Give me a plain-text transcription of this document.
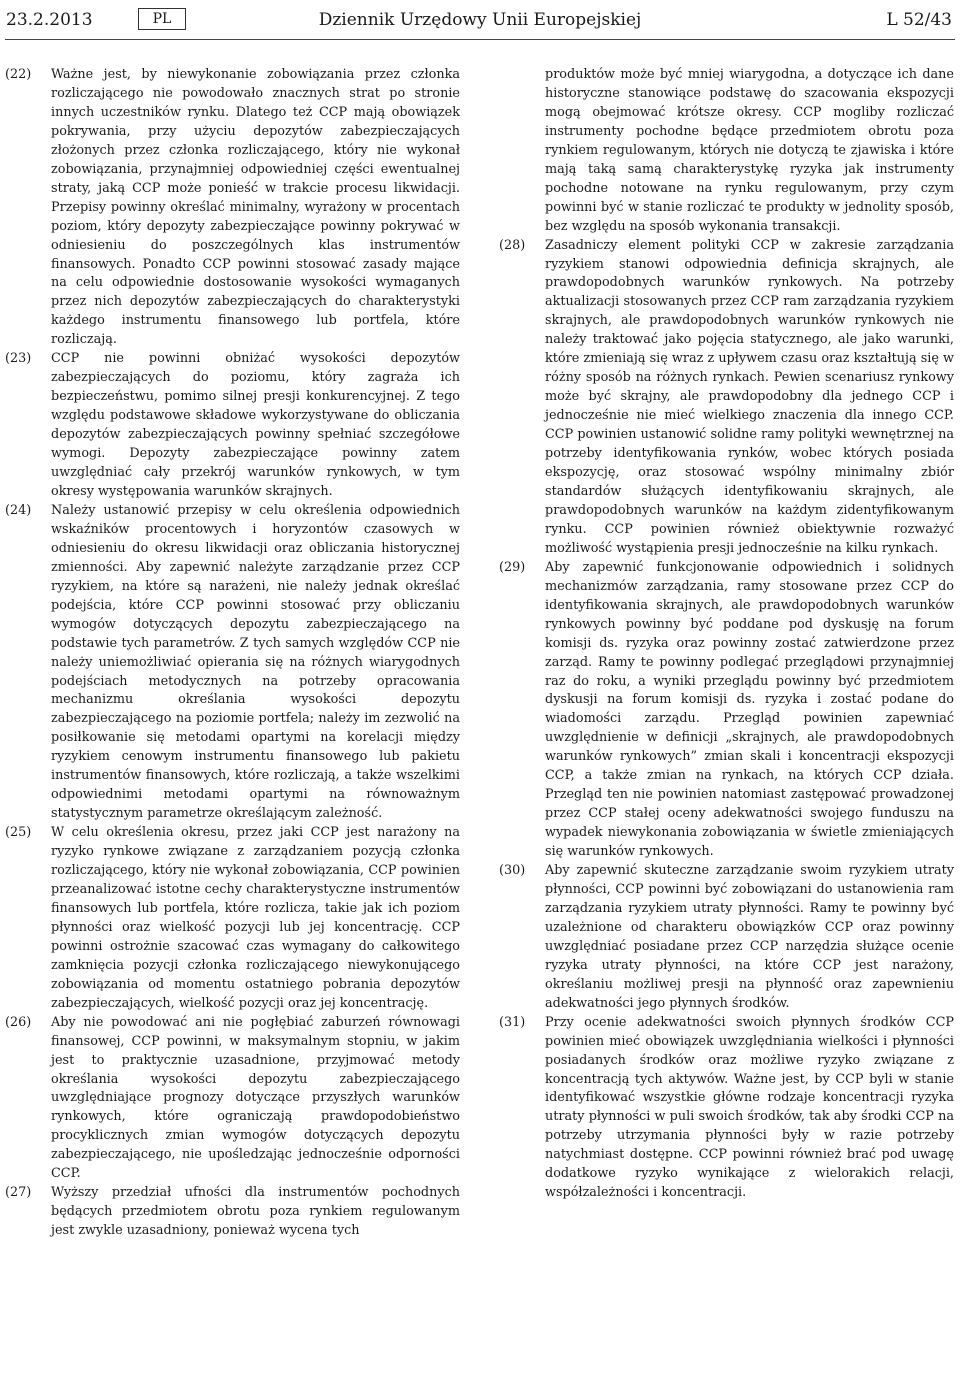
23.2.2013	Dziennik Urzędowy Unii Europejskiej
PL	L 52/43
(22)	Ważne jest, by niewykonanie zobowiązania przez członka rozliczającego nie powodowało znacznych strat po stronie innych uczestników rynku. Dlatego też CCP mają obowiązek pokrywania, przy użyciu depozytów zabezpieczających złożonych przez członka rozliczającego, który nie wykonał zobowiązania, przynajmniej odpowiedniej części ewentualnej straty, jaką CCP może ponieść w trakcie procesu likwidacji. Przepisy powinny określać minimalny, wyrażony w procentach poziom, który depozyty zabezpieczające powinny pokrywać w odniesieniu do poszczególnych klas instrumentów finansowych. Ponadto CCP powinni stosować zasady mające na celu odpowiednie dostosowanie wysokości wymaganych przez nich depozytów zabezpieczających do charakterystyki każdego instrumentu finansowego lub portfela, które rozliczają.
(23)	CCP nie powinni obniżać wysokości depozytów zabezpieczających do poziomu, który zagraża ich bezpieczeństwu, pomimo silnej presji konkurencyjnej. Z tego względu podstawowe składowe wykorzystywane do obliczania depozytów zabezpieczających powinny spełniać szczegółowe wymogi. Depozyty zabezpieczające powinny zatem uwzględniać cały przekrój warunków rynkowych, w tym okresy występowania warunków skrajnych.
(24)	Należy ustanowić przepisy w celu określenia odpowiednich wskaźników procentowych i horyzontów czasowych w odniesieniu do okresu likwidacji oraz obliczania historycznej zmienności. Aby zapewnić należyte zarządzanie przez CCP ryzykiem, na które są narażeni, nie należy jednak określać podejścia, które CCP powinni stosować przy obliczaniu wymogów dotyczących depozytu zabezpieczającego na podstawie tych parametrów. Z tych samych względów CCP nie należy uniemożliwiać opierania się na różnych wiarygodnych podejściach metodycznych na potrzeby opracowania mechanizmu określania wysokości depozytu zabezpieczającego na poziomie portfela; należy im zezwolić na posiłkowanie się metodami opartymi na korelacji między ryzykiem cenowym instrumentu finansowego lub pakietu instrumentów finansowych, które rozliczają, a także wszelkimi odpowiednimi metodami opartymi na równoważnym statystycznym parametrze określającym zależność.
(25)	W celu określenia okresu, przez jaki CCP jest narażony na ryzyko rynkowe związane z zarządzaniem pozycją członka rozliczającego, który nie wykonał zobowiązania, CCP powinien przeanalizować istotne cechy charakterystyczne instrumentów finansowych lub portfela, które rozlicza, takie jak ich poziom płynności oraz wielkość pozycji lub jej koncentrację. CCP powinni ostrożnie szacować czas wymagany do całkowitego zamknięcia pozycji członka rozliczającego niewykonującego zobowiązania od momentu ostatniego pobrania depozytów zabezpieczających, wielkość pozycji oraz jej koncentrację.
(26)	Aby nie powodować ani nie pogłębiać zaburzeń równowagi finansowej, CCP powinni, w maksymalnym stopniu, w jakim jest to praktycznie uzasadnione, przyjmować metody określania wysokości depozytu zabezpieczającego uwzględniające prognozy dotyczące przyszłych warunków rynkowych, które ograniczają prawdopodobieństwo procyklicznych zmian wymogów dotyczących depozytu zabezpieczającego, nie upośledzając jednocześnie odporności CCP.
(27)	Wyższy przedział ufności dla instrumentów pochodnych będących przedmiotem obrotu poza rynkiem regulowanym jest zwykle uzasadniony, ponieważ wycena tych
produktów może być mniej wiarygodna, a dotyczące ich dane historyczne stanowiące podstawę do szacowania ekspozycji mogą obejmować krótsze okresy. CCP mogliby rozliczać instrumenty pochodne będące przedmiotem obrotu poza rynkiem regulowanym, których nie dotyczą te zjawiska i które mają taką samą charakterystykę ryzyka jak instrumenty pochodne notowane na rynku regulowanym, przy czym powinni być w stanie rozliczać te produkty w jednolity sposób, bez względu na sposób wykonania transakcji.
(28)	Zasadniczy element polityki CCP w zakresie zarządzania ryzykiem stanowi odpowiednia definicja skrajnych, ale prawdopodobnych warunków rynkowych. Na potrzeby aktualizacji stosowanych przez CCP ram zarządzania ryzykiem skrajnych, ale prawdopodobnych warunków rynkowych nie należy traktować jako pojęcia statycznego, ale jako warunki, które zmieniają się wraz z upływem czasu oraz kształtują się w różny sposób na różnych rynkach. Pewien scenariusz rynkowy może być skrajny, ale prawdopodobny dla jednego CCP i jednocześnie nie mieć wielkiego znaczenia dla innego CCP. CCP powinien ustanowić solidne ramy polityki wewnętrznej na potrzeby identyfikowania rynków, wobec których posiada ekspozycję, oraz stosować wspólny minimalny zbiór standardów służących identyfikowaniu skrajnych, ale prawdopodobnych warunków na każdym zidentyfikowanym rynku. CCP powinien również obiektywnie rozważyć możliwość wystąpienia presji jednocześnie na kilku rynkach.
(29)	Aby zapewnić funkcjonowanie odpowiednich i solidnych mechanizmów zarządzania, ramy stosowane przez CCP do identyfikowania skrajnych, ale prawdopodobnych warunków rynkowych powinny być poddane pod dyskusję na forum komisji ds. ryzyka oraz powinny zostać zatwierdzone przez zarząd. Ramy te powinny podlegać przeglądowi przynajmniej raz do roku, a wyniki przeglądu powinny być przedmiotem dyskusji na forum komisji ds. ryzyka i zostać podane do wiadomości zarządu. Przegląd powinien zapewniać uwzględnienie w definicji „skrajnych, ale prawdopodobnych warunków rynkowych” zmian skali i koncentracji ekspozycji CCP, a także zmian na rynkach, na których CCP działa. Przegląd ten nie powinien natomiast zastępować prowadzonej przez CCP stałej oceny adekwatności swojego funduszu na wypadek niewykonania zobowiązania w świetle zmieniających się warunków rynkowych.
(30)	Aby zapewnić skuteczne zarządzanie swoim ryzykiem utraty płynności, CCP powinni być zobowiązani do ustanowienia ram zarządzania ryzykiem utraty płynności. Ramy te powinny być uzależnione od charakteru obowiązków CCP oraz powinny uwzględniać posiadane przez CCP narzędzia służące ocenie ryzyka utraty płynności, na które CCP jest narażony, określaniu możliwej presji na płynność oraz zapewnieniu adekwatności jego płynnych środków.
(31)	Przy ocenie adekwatności swoich płynnych środków CCP powinien mieć obowiązek uwzględniania wielkości i płynności posiadanych środków oraz możliwe ryzyko związane z koncentracją tych aktywów. Ważne jest, by CCP byli w stanie identyfikować wszystkie główne rodzaje koncentracji ryzyka utraty płynności w puli swoich środków, tak aby środki CCP na potrzeby utrzymania płynności były w razie potrzeby natychmiast dostępne. CCP powinni również brać pod uwagę dodatkowe ryzyko wynikające z wielorakich relacji, współzależności i koncentracji.
